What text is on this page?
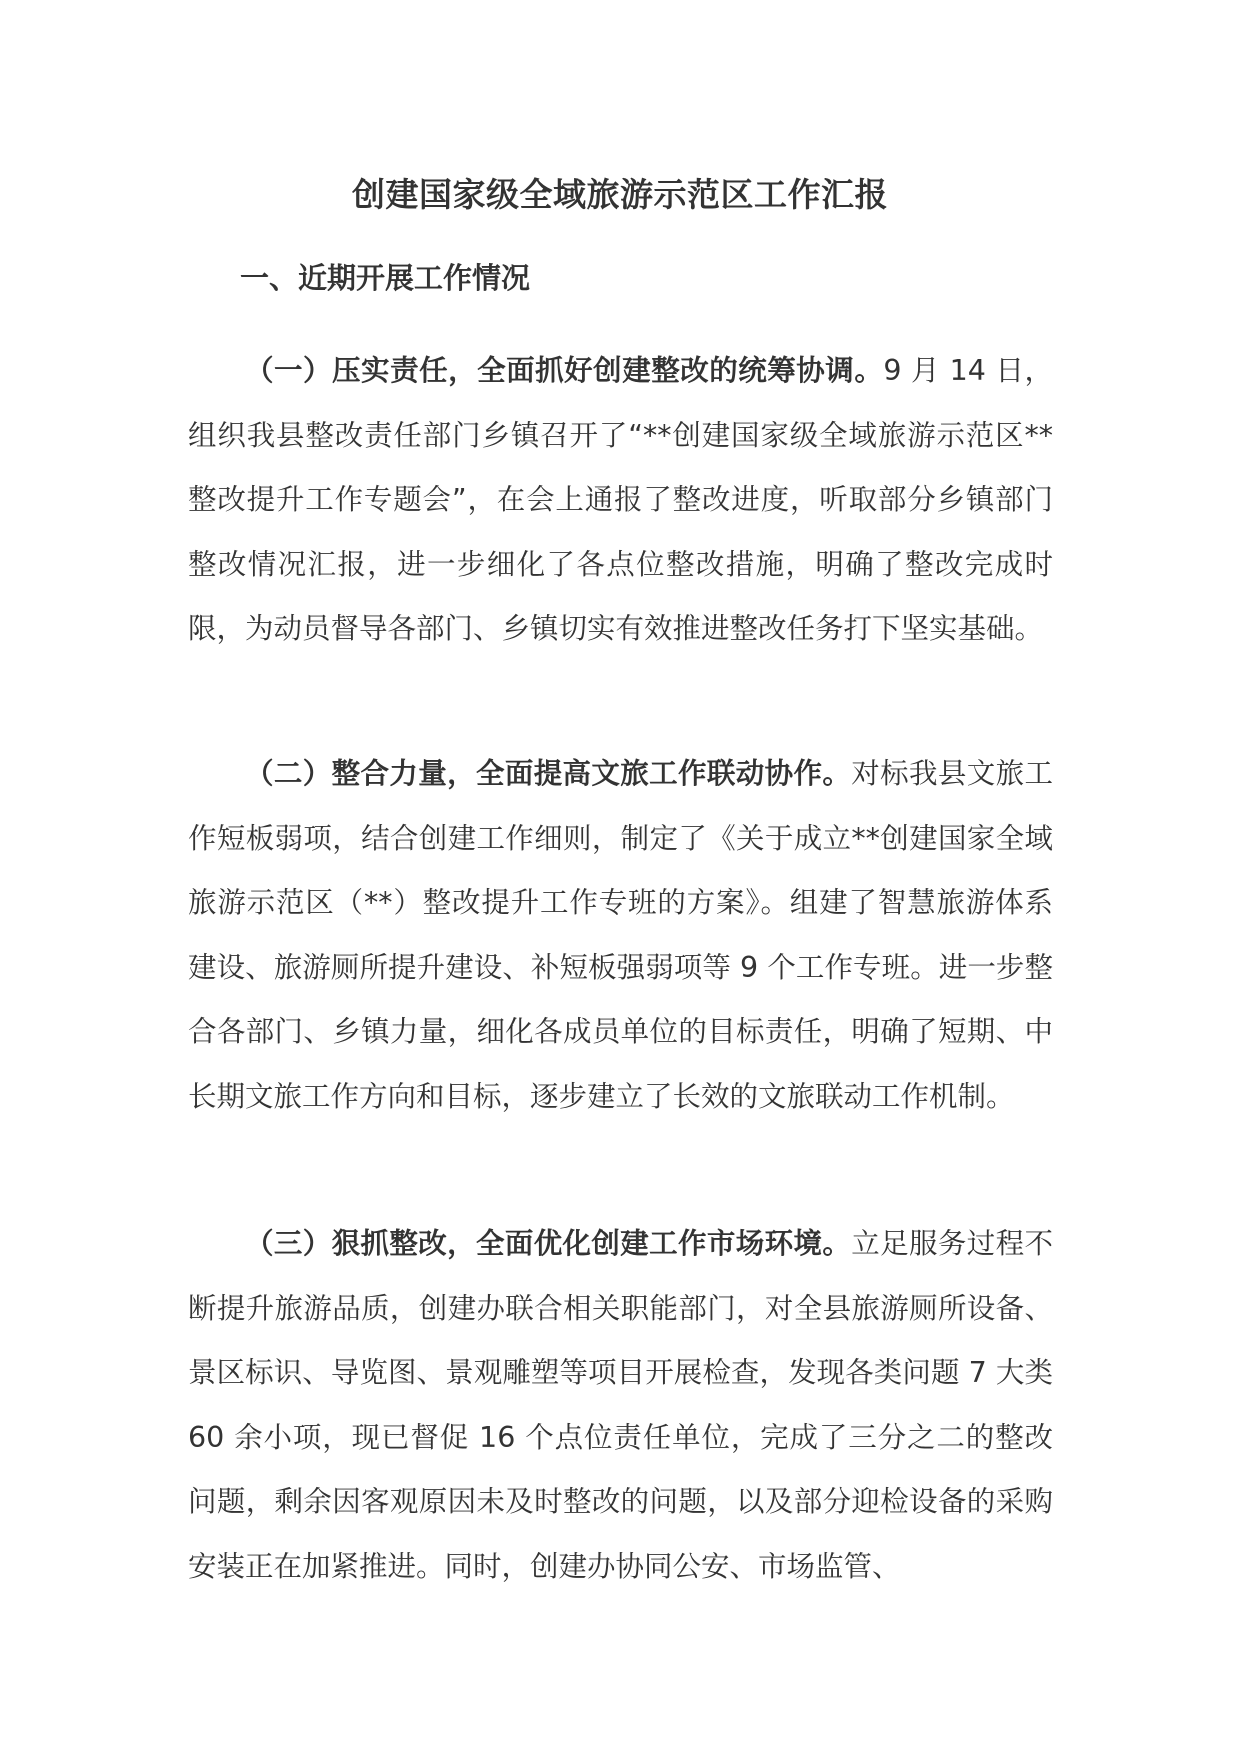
创建国家级全域旅游示范区工作汇报
一、近期开展工作情况

（一）压实责任，全面抓好创建整改的统筹协调。9 月 14 日，组织我县整改责任部门乡镇召开了“**创建国家级全域旅游示范区**整改提升工作专题会”，在会上通报了整改进度，听取部分乡镇部门整改情况汇报，进一步细化了各点位整改措施，明确了整改完成时限，为动员督导各部门、乡镇切实有效推进整改任务打下坚实基础。

（二）整合力量，全面提高文旅工作联动协作。对标我县文旅工作短板弱项，结合创建工作细则，制定了《关于成立**创建国家全域旅游示范区（**）整改提升工作专班的方案》。组建了智慧旅游体系建设、旅游厕所提升建设、补短板强弱项等 9 个工作专班。进一步整合各部门、乡镇力量，细化各成员单位的目标责任，明确了短期、中长期文旅工作方向和目标，逐步建立了长效的文旅联动工作机制。

（三）狠抓整改，全面优化创建工作市场环境。立足服务过程不断提升旅游品质，创建办联合相关职能部门，对全县旅游厕所设备、景区标识、导览图、景观雕塑等项目开展检查，发现各类问题 7 大类 60 余小项，现已督促 16 个点位责任单位，完成了三分之二的整改问题，剩余因客观原因未及时整改的问题，以及部分迎检设备的采购安装正在加紧推进。同时，创建办协同公安、市场监管、
